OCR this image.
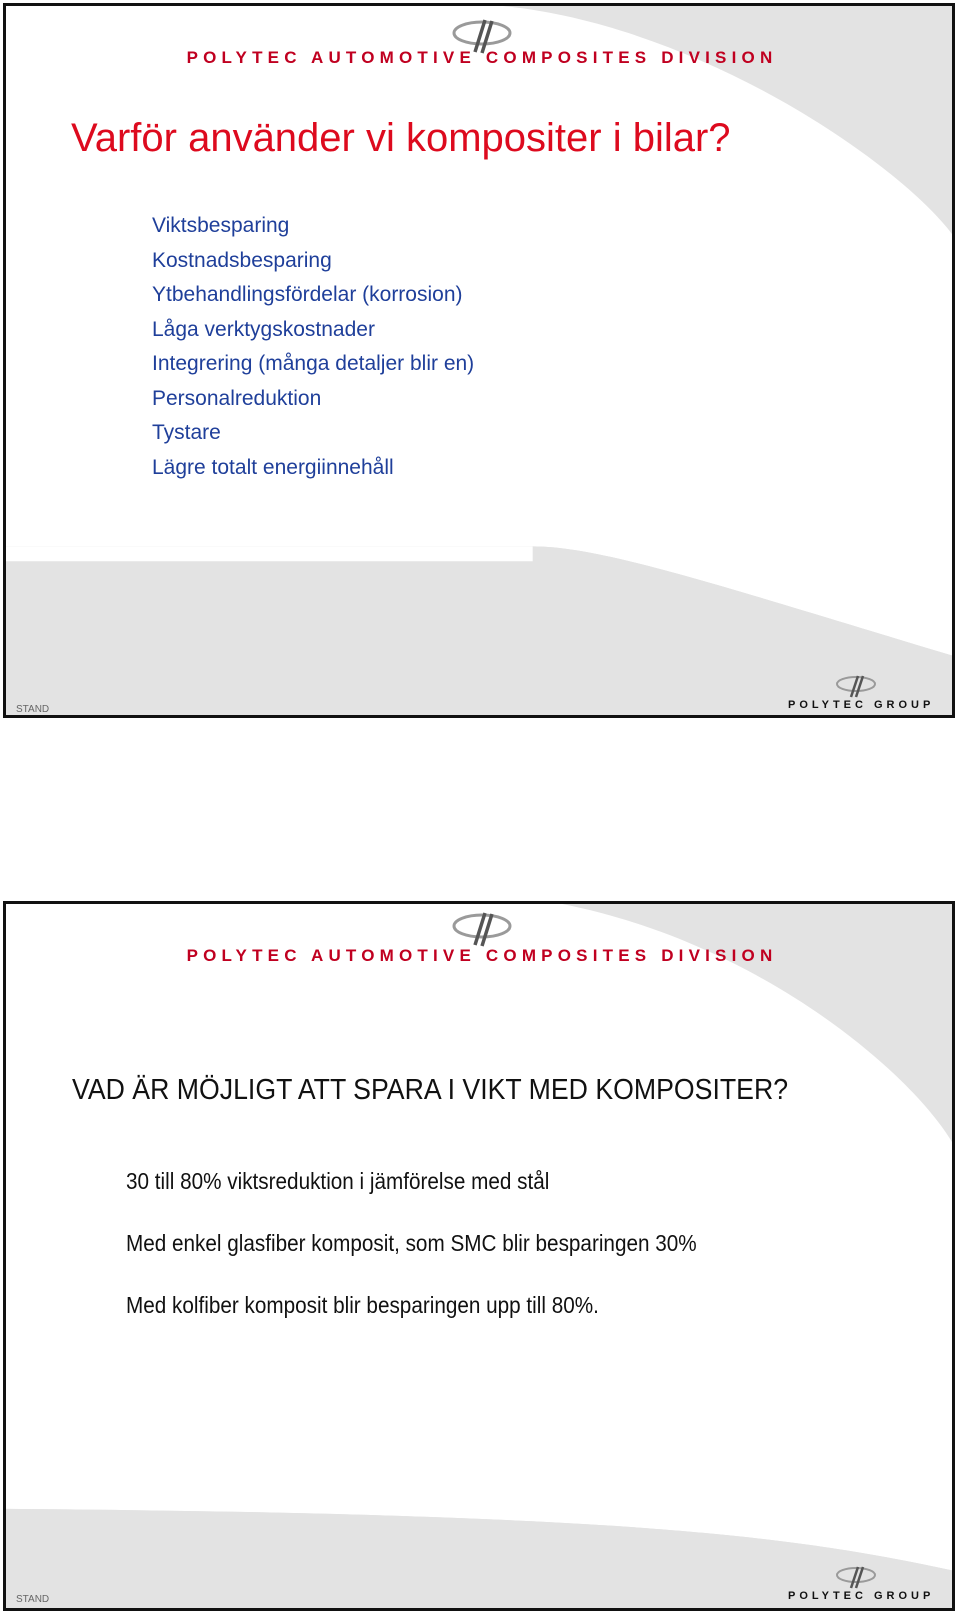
POLYTEC AUTOMOTIVE COMPOSITES DIVISION
Varför använder vi kompositer i bilar?
Viktsbesparing
Kostnadsbesparing
Ytbehandlingsfördelar (korrosion)
Låga verktygskostnader
Integrering (många detaljer blir en)
Personalreduktion
Tystare
Lägre totalt energiinnehåll
STAND	POLYTEC GROUP
POLYTEC AUTOMOTIVE COMPOSITES DIVISION
VAD ÄR MÖJLIGT ATT SPARA I VIKT MED KOMPOSITER?
30 till 80% viktsreduktion i jämförelse med stål
Med enkel glasfiber komposit, som SMC blir besparingen 30%
Med kolfiber komposit blir besparingen upp till 80%.
STAND	POLYTEC GROUP
